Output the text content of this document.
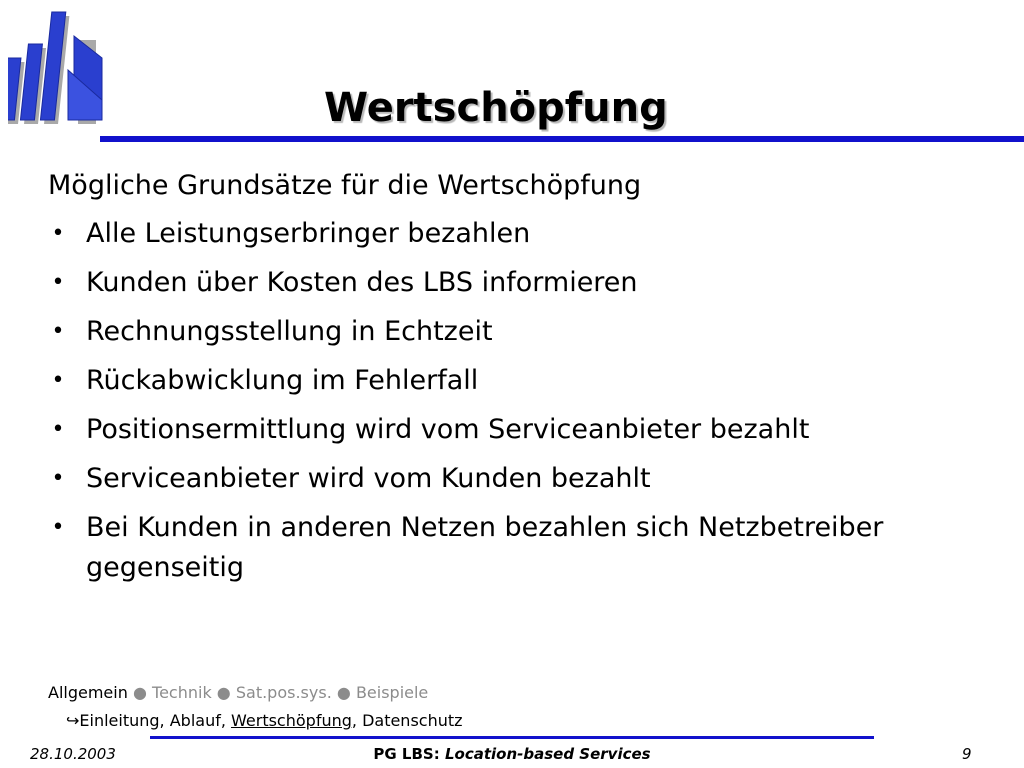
Wertschöpfung
Mögliche Grundsätze für die Wertschöpfung
• Alle Leistungserbringer bezahlen
• Kunden über Kosten des LBS informieren
• Rechnungsstellung in Echtzeit
• Rückabwicklung im Fehlerfall
• Positionsermittlung wird vom Serviceanbieter bezahlt
• Serviceanbieter wird vom Kunden bezahlt
• Bei Kunden in anderen Netzen bezahlen sich Netzbetreiber gegenseitig
Allgemein ● Technik ● Sat.pos.sys. ● Beispiele
↪Einleitung, Ablauf, Wertschöpfung, Datenschutz
28.10.2003	PG LBS: Location-based Services	9
